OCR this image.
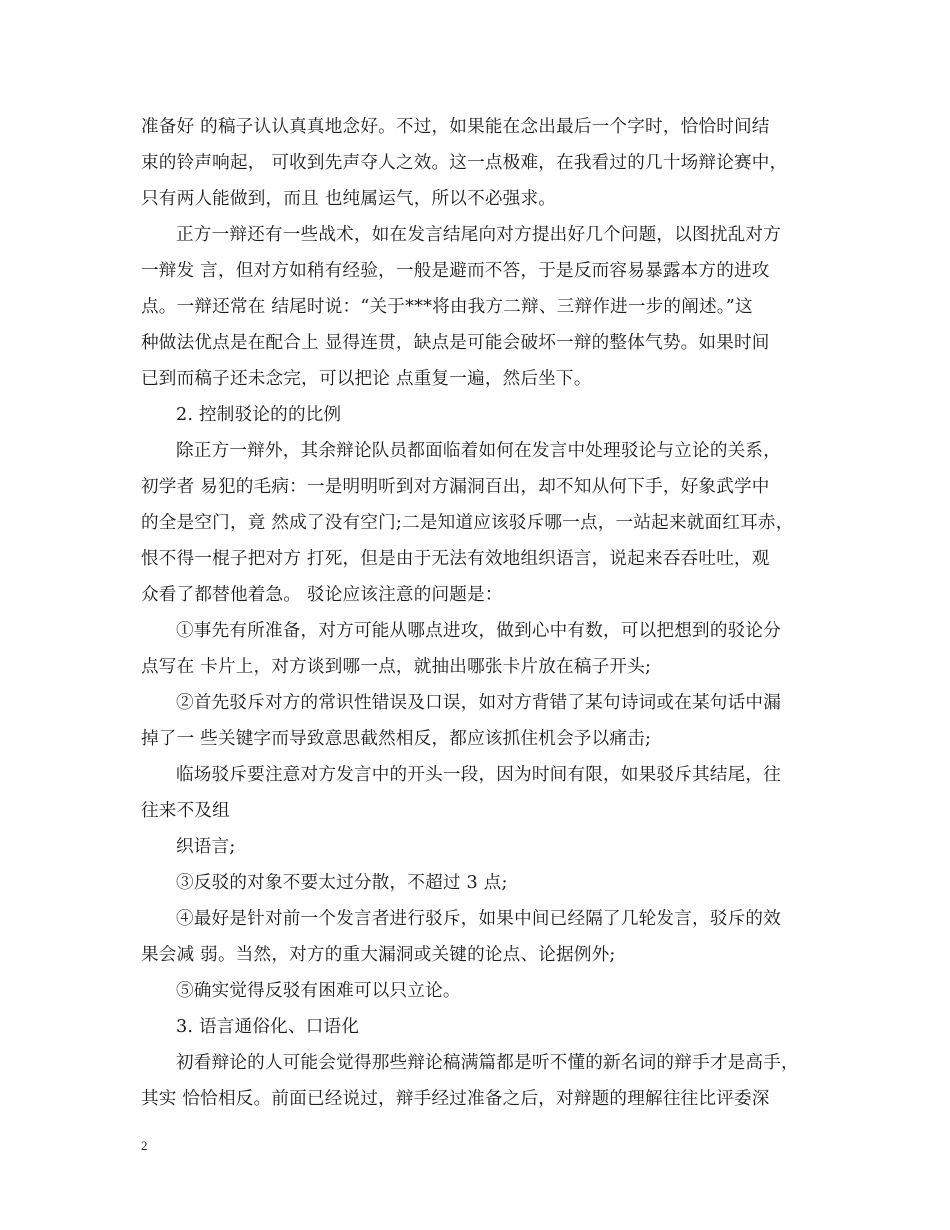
准备好 的稿子认认真真地念好。不过，如果能在念出最后一个字时，恰恰时间结
束的铃声响起， 可收到先声夺人之效。这一点极难，在我看过的几十场辩论赛中，
只有两人能做到，而且 也纯属运气，所以不必强求。
正方一辩还有一些战术，如在发言结尾向对方提出好几个问题，以图扰乱对方
一辩发 言，但对方如稍有经验，一般是避而不答，于是反而容易暴露本方的进攻
点。一辩还常在 结尾时说：“关于***将由我方二辩、三辩作进一步的阐述。”这
种做法优点是在配合上 显得连贯，缺点是可能会破坏一辩的整体气势。如果时间
已到而稿子还未念完，可以把论 点重复一遍，然后坐下。
2. 控制驳论的的比例
除正方一辩外，其余辩论队员都面临着如何在发言中处理驳论与立论的关系，
初学者 易犯的毛病：一是明明听到对方漏洞百出，却不知从何下手，好象武学中
的全是空门，竟 然成了没有空门;二是知道应该驳斥哪一点，一站起来就面红耳赤，
恨不得一棍子把对方 打死，但是由于无法有效地组织语言，说起来吞吞吐吐，观
众看了都替他着急。 驳论应该注意的问题是：
①事先有所准备，对方可能从哪点进攻，做到心中有数，可以把想到的驳论分
点写在 卡片上，对方谈到哪一点，就抽出哪张卡片放在稿子开头;
②首先驳斥对方的常识性错误及口误，如对方背错了某句诗词或在某句话中漏
掉了一 些关键字而导致意思截然相反，都应该抓住机会予以痛击;
临场驳斥要注意对方发言中的开头一段，因为时间有限，如果驳斥其结尾，往
往来不及组
织语言;
③反驳的对象不要太过分散，不超过 3 点;
④最好是针对前一个发言者进行驳斥，如果中间已经隔了几轮发言，驳斥的效
果会减 弱。当然，对方的重大漏洞或关键的论点、论据例外;
⑤确实觉得反驳有困难可以只立论。
3. 语言通俗化、口语化
初看辩论的人可能会觉得那些辩论稿满篇都是听不懂的新名词的辩手才是高手，
其实 恰恰相反。前面已经说过，辩手经过准备之后，对辩题的理解往往比评委深
2
